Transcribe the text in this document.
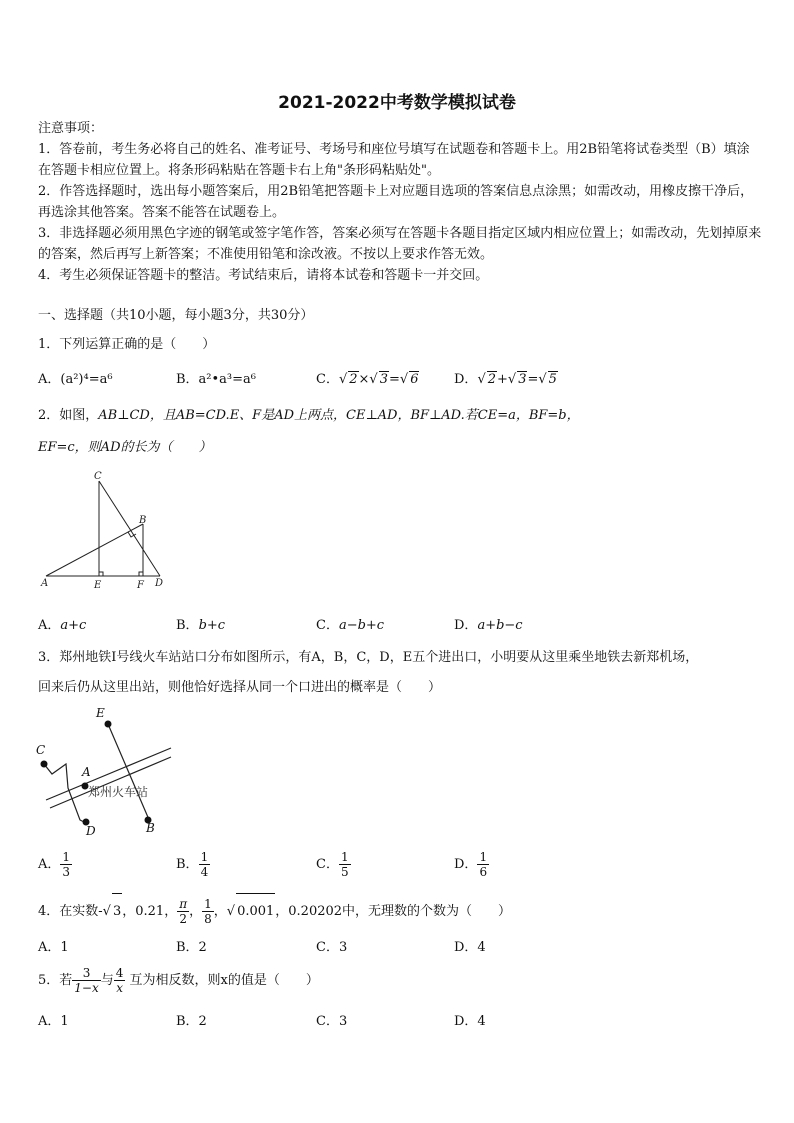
2021-2022中考数学模拟试卷

注意事项：

1．答卷前，考生务必将自己的姓名、准考证号、考场号和座位号填写在试题卷和答题卡上。用2B铅笔将试卷类型（B）填涂在答题卡相应位置上。将条形码粘贴在答题卡右上角"条形码粘贴处"。

2．作答选择题时，选出每小题答案后，用2B铅笔把答题卡上对应题目选项的答案信息点涂黑；如需改动，用橡皮擦干净后，再选涂其他答案。答案不能答在试题卷上。

3．非选择题必须用黑色字迹的钢笔或签字笔作答，答案必须写在答题卡各题目指定区域内相应位置上；如需改动，先划掉原来的答案，然后再写上新答案；不准使用铅笔和涂改液。不按以上要求作答无效。

4．考生必须保证答题卡的整洁。考试结束后，请将本试卷和答题卡一并交回。

一、选择题（共10小题，每小题3分，共30分）
1．下列运算正确的是（　　）
A．(a²)⁴=a⁶	B．a²•a³=a⁶	C．√ 2×√ 3=√ 6	D．√ 2+√ 3=√ 5
2．如图，AB⊥CD，且AB=CD.E、F是AD上两点，CE⊥AD，BF⊥AD.若CE=a，BF=b，
EF=c，则AD的长为（　　）
C
B
A	E	F D
A．a+c	B．b+c	C．a−b+c	D．a+b−c
3．郑州地铁Ⅰ号线火车站站口分布如图所示，有A，B，C，D，E五个进出口，小明要从这里乘坐地铁去新郑机场，
回来后仍从这里出站，则他恰好选择从同一个口进出的概率是（　　）
E
C
A
D	B
郑州火车站
A． $\frac{1}{3}$	B． $\frac{1}{4}$	C． $\frac{1}{5}$	D． $\frac{1}{6}$
4．在实数-√ 3，0.21， $\frac{\pi}{2}$ ， $\frac{1}{8}$ ，√ 0.001，0.20202中，无理数的个数为（　　）
A．1	B．2	C．3	D．4
5．若 $\frac{3}{1-x}$ 与 $\frac{4}{x}$ 互为相反数，则x的值是（　　）
A．1	B．2	C．3	D．4
